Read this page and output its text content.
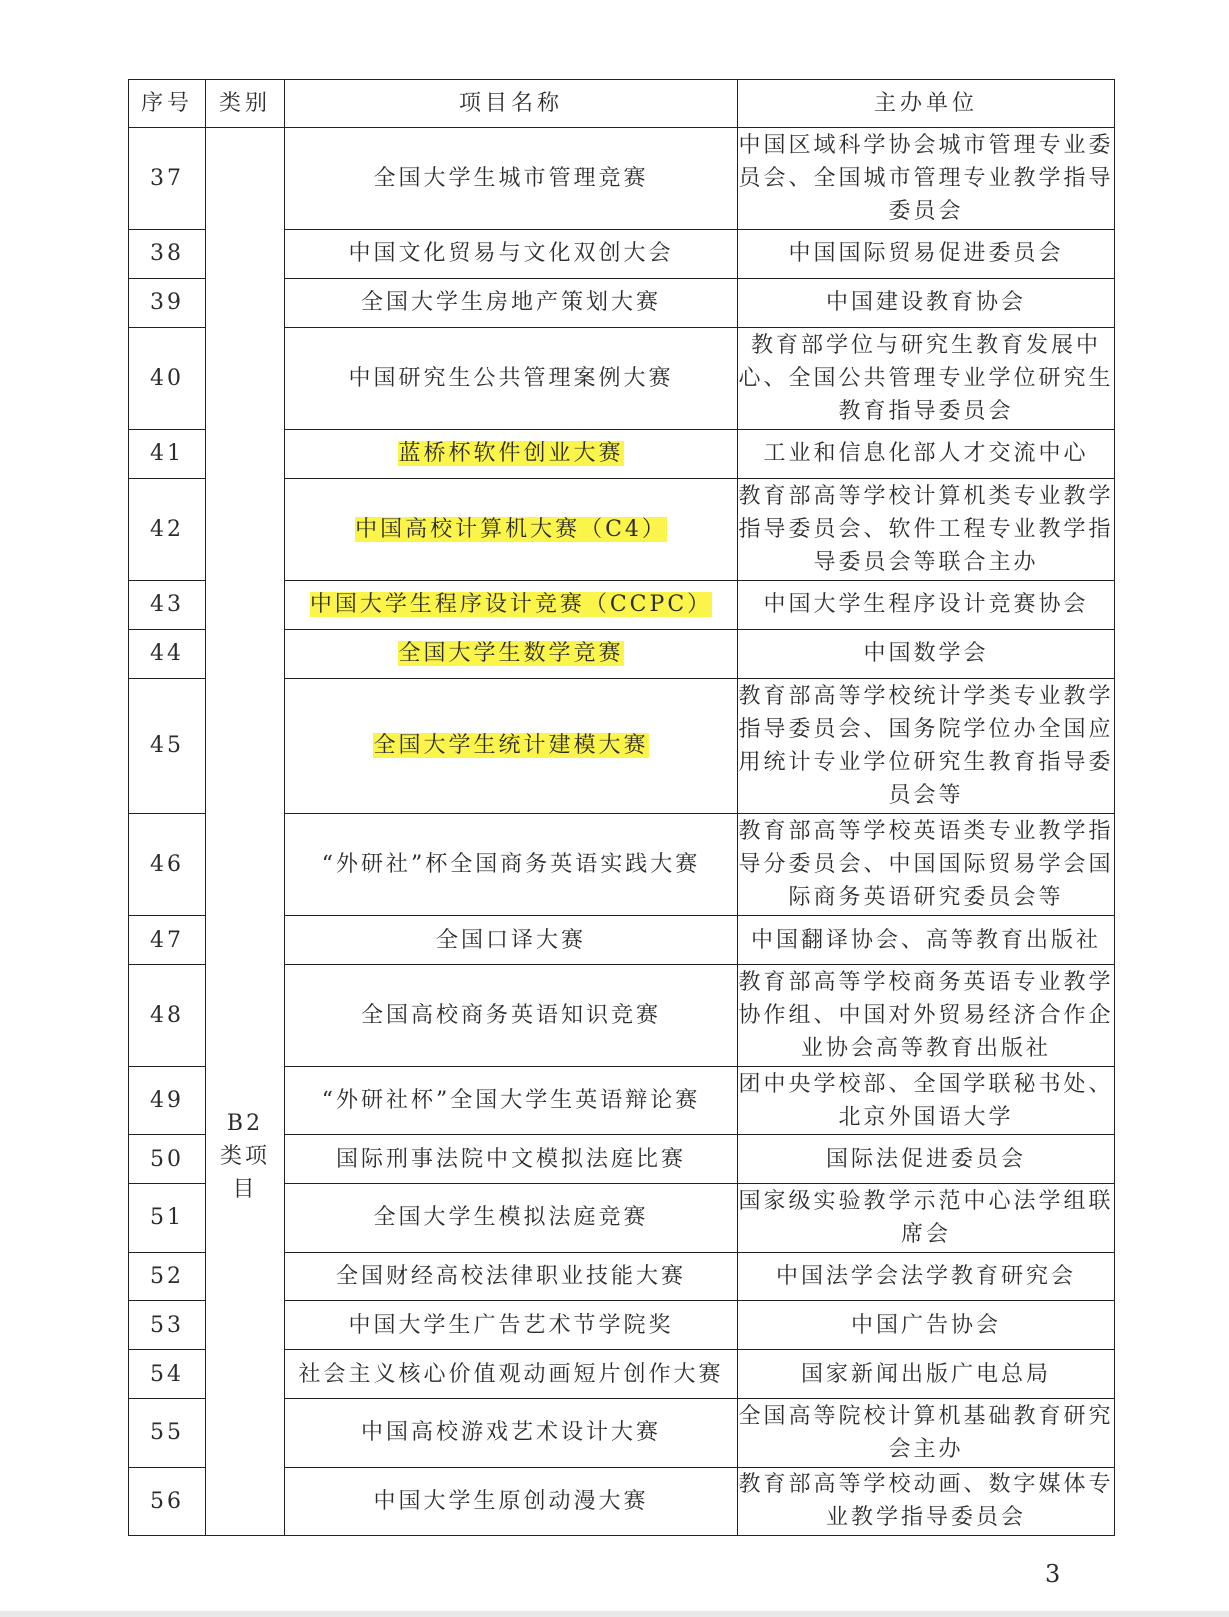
序号	类别	项目名称	主办单位
37	B2 类项目	全国大学生城市管理竞赛	中国区域科学协会城市管理专业委员会、全国城市管理专业教学指导委员会
38		中国文化贸易与文化双创大会	中国国际贸易促进委员会
39		全国大学生房地产策划大赛	中国建设教育协会
40		中国研究生公共管理案例大赛	教育部学位与研究生教育发展中心、全国公共管理专业学位研究生教育指导委员会
41		蓝桥杯软件创业大赛	工业和信息化部人才交流中心
42		中国高校计算机大赛（C4）	教育部高等学校计算机类专业教学指导委员会、软件工程专业教学指导委员会等联合主办
43		中国大学生程序设计竞赛（CCPC）	中国大学生程序设计竞赛协会
44		全国大学生数学竞赛	中国数学会
45		全国大学生统计建模大赛	教育部高等学校统计学类专业教学指导委员会、国务院学位办全国应用统计专业学位研究生教育指导委员会等
46		“外研社”杯全国商务英语实践大赛	教育部高等学校英语类专业教学指导分委员会、中国国际贸易学会国际商务英语研究委员会等
47		全国口译大赛	中国翻译协会、高等教育出版社
48		全国高校商务英语知识竞赛	教育部高等学校商务英语专业教学协作组、中国对外贸易经济合作企业协会高等教育出版社
49		“外研社杯”全国大学生英语辩论赛	团中央学校部、全国学联秘书处、北京外国语大学
50		国际刑事法院中文模拟法庭比赛	国际法促进委员会
51		全国大学生模拟法庭竞赛	国家级实验教学示范中心法学组联席会
52		全国财经高校法律职业技能大赛	中国法学会法学教育研究会
53		中国大学生广告艺术节学院奖	中国广告协会
54		社会主义核心价值观动画短片创作大赛	国家新闻出版广电总局
55		中国高校游戏艺术设计大赛	全国高等院校计算机基础教育研究会主办
56		中国大学生原创动漫大赛	教育部高等学校动画、数字媒体专业教学指导委员会
3
